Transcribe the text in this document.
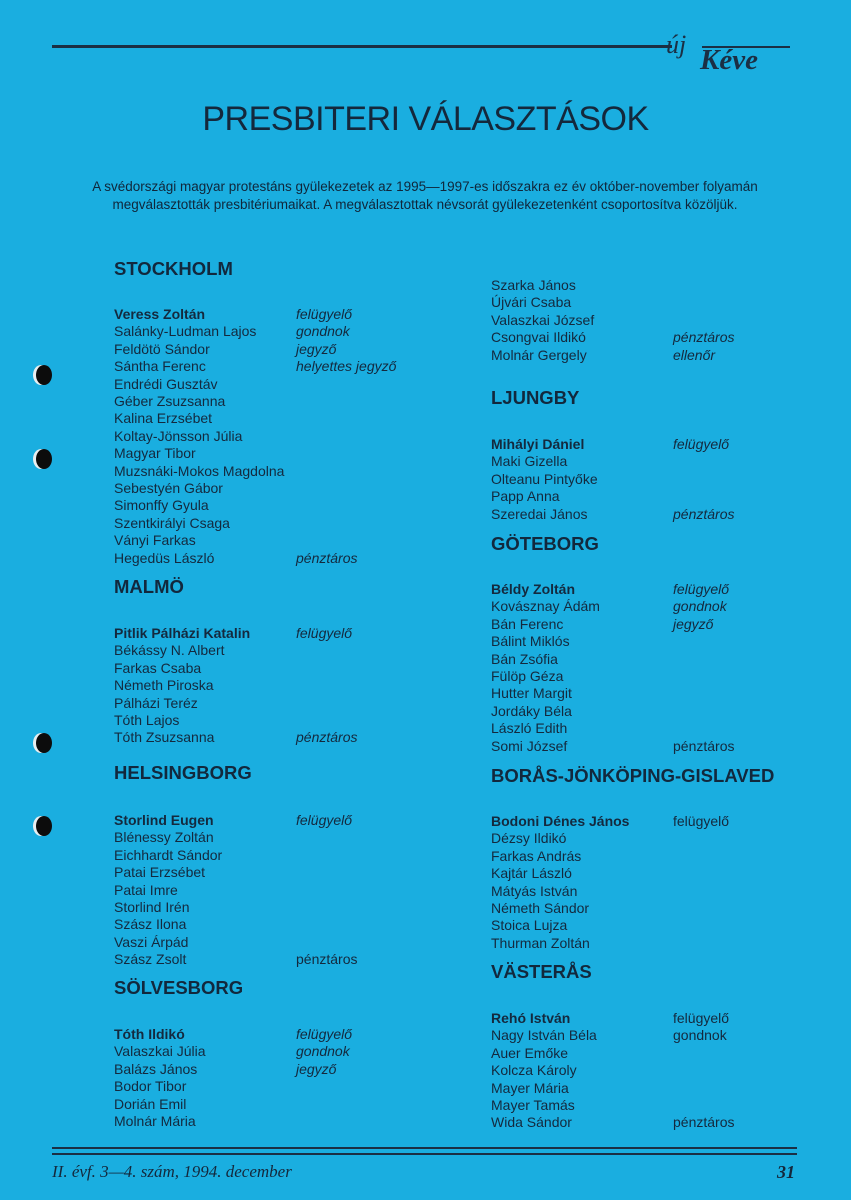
új Kéve
PRESBITERI VÁLASZTÁSOK
A svédországi magyar protestáns gyülekezetek az 1995—1997-es időszakra ez év október-november folyamán megválasztották presbitériumaikat. A megválasztottak névsorát gyülekezetenként csoportosítva közöljük.
STOCKHOLM
Veress Zoltán	felügyelő
Salánky-Ludman Lajos	gondnok
Feldötö Sándor	jegyző
Sántha Ferenc	helyettes jegyző
Endrédi Gusztáv
Géber Zsuzsanna
Kalina Erzsébet
Koltay-Jönsson Júlia
Magyar Tibor
Muzsnáki-Mokos Magdolna
Sebestyén Gábor
Simonffy Gyula
Szentkirályi Csaga
Ványi Farkas
Hegedüs László	pénztáros
Szarka János
Újvári Csaba
Valaszkai József
Csongvai Ildikó	pénztáros
Molnár Gergely	ellenőr
MALMÖ
Pitlik Pálházi Katalin	felügyelő
Békássy N. Albert
Farkas Csaba
Németh Piroska
Pálházi Teréz
Tóth Lajos
Tóth Zsuzsanna	pénztáros
HELSINGBORG
Storlind Eugen	felügyelő
Blénessy Zoltán
Eichhardt Sándor
Patai Erzsébet
Patai Imre
Storlind Irén
Szász Ilona
Vaszi Árpád
Szász Zsolt	pénztáros
SÖLVESBORG
Tóth Ildikó	felügyelő
Valaszkai Júlia	gondnok
Balázs János	jegyző
Bodor Tibor
Dorián Emil
Molnár Mária
LJUNGBY
Mihályi Dániel	felügyelő
Maki Gizella
Olteanu Pintyőke
Papp Anna
Szeredai János	pénztáros
GÖTEBORG
Béldy Zoltán	felügyelő
Kovásznay Ádám	gondnok
Bán Ferenc	jegyző
Bálint Miklós
Bán Zsófia
Fülöp Géza
Hutter Margit
Jordáky Béla
László Edith
Somi József	pénztáros
BORÅS-JÖNKÖPING-GISLAVED
Bodoni Dénes János	felügyelő
Dézsy Ildikó
Farkas András
Kajtár László
Mátyás István
Németh Sándor
Stoica Lujza
Thurman Zoltán
VÄSTERÅS
Rehó István	felügyelő
Nagy István Béla	gondnok
Auer Emőke
Kolcza Károly
Mayer Mária
Mayer Tamás
Wida Sándor	pénztáros
II. évf. 3—4. szám, 1994. december	31
